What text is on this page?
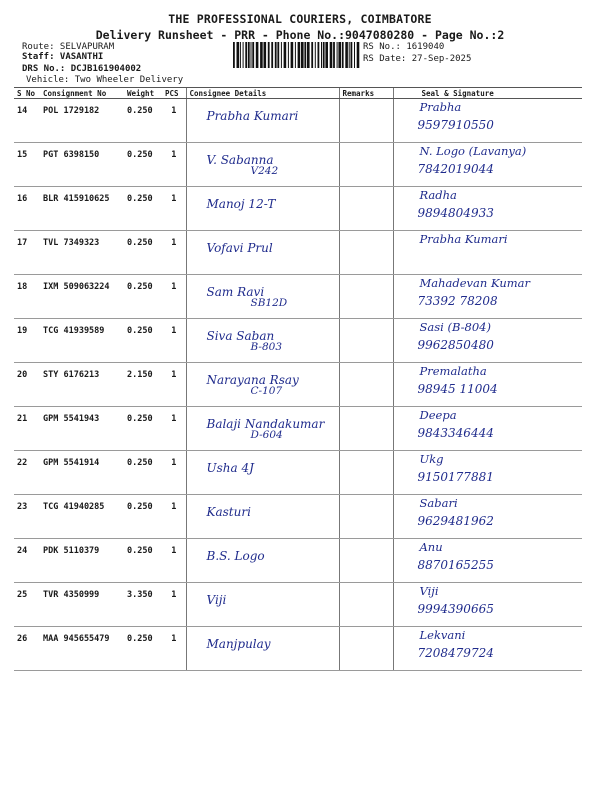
THE PROFESSIONAL COURIERS, COIMBATORE
Delivery Runsheet - PRR - Phone No.:9047080280 - Page No.:2
Route: SELVAPURAM
Staff: VASANTHI
DRS No.: DCJB161904002
Vehicle: Two Wheeler Delivery
RS No.: 1619040
RS Date: 27-Sep-2025
S No	Consignment No	Weight	PCS	Consignee Details	Remarks	Seal & Signature
14	POL 1729182	0.250	1	Prabha Kumari		Prabha
9597910550

15	PGT 6398150	0.250	1	V. Sabanna
V242		N. Logo (Lavanya)
7842019044

16	BLR 415910625	0.250	1	Manoj 12-T		Radha
9894804933

17	TVL 7349323	0.250	1	Vofavi Prul		Prabha Kumari

18	IXM 509063224	0.250	1	Sam Ravi
SB12D		Mahadevan Kumar
73392 78208

19	TCG 41939589	0.250	1	Siva Saban
B-803		Sasi (B-804)
9962850480

20	STY 6176213	2.150	1	Narayana Rsay
C-107		Premalatha
98945 11004

21	GPM 5541943	0.250	1	Balaji Nandakumar
D-604		Deepa
9843346444

22	GPM 5541914	0.250	1	Usha 4J		Ukg
9150177881

23	TCG 41940285	0.250	1	Kasturi		Sabari
9629481962

24	PDK 5110379	0.250	1	B.S. Logo		Anu
8870165255

25	TVR 4350999	3.350	1	Viji		Viji
9994390665

26	MAA 945655479	0.250	1	Manjpulay		Lekvani
7208479724
